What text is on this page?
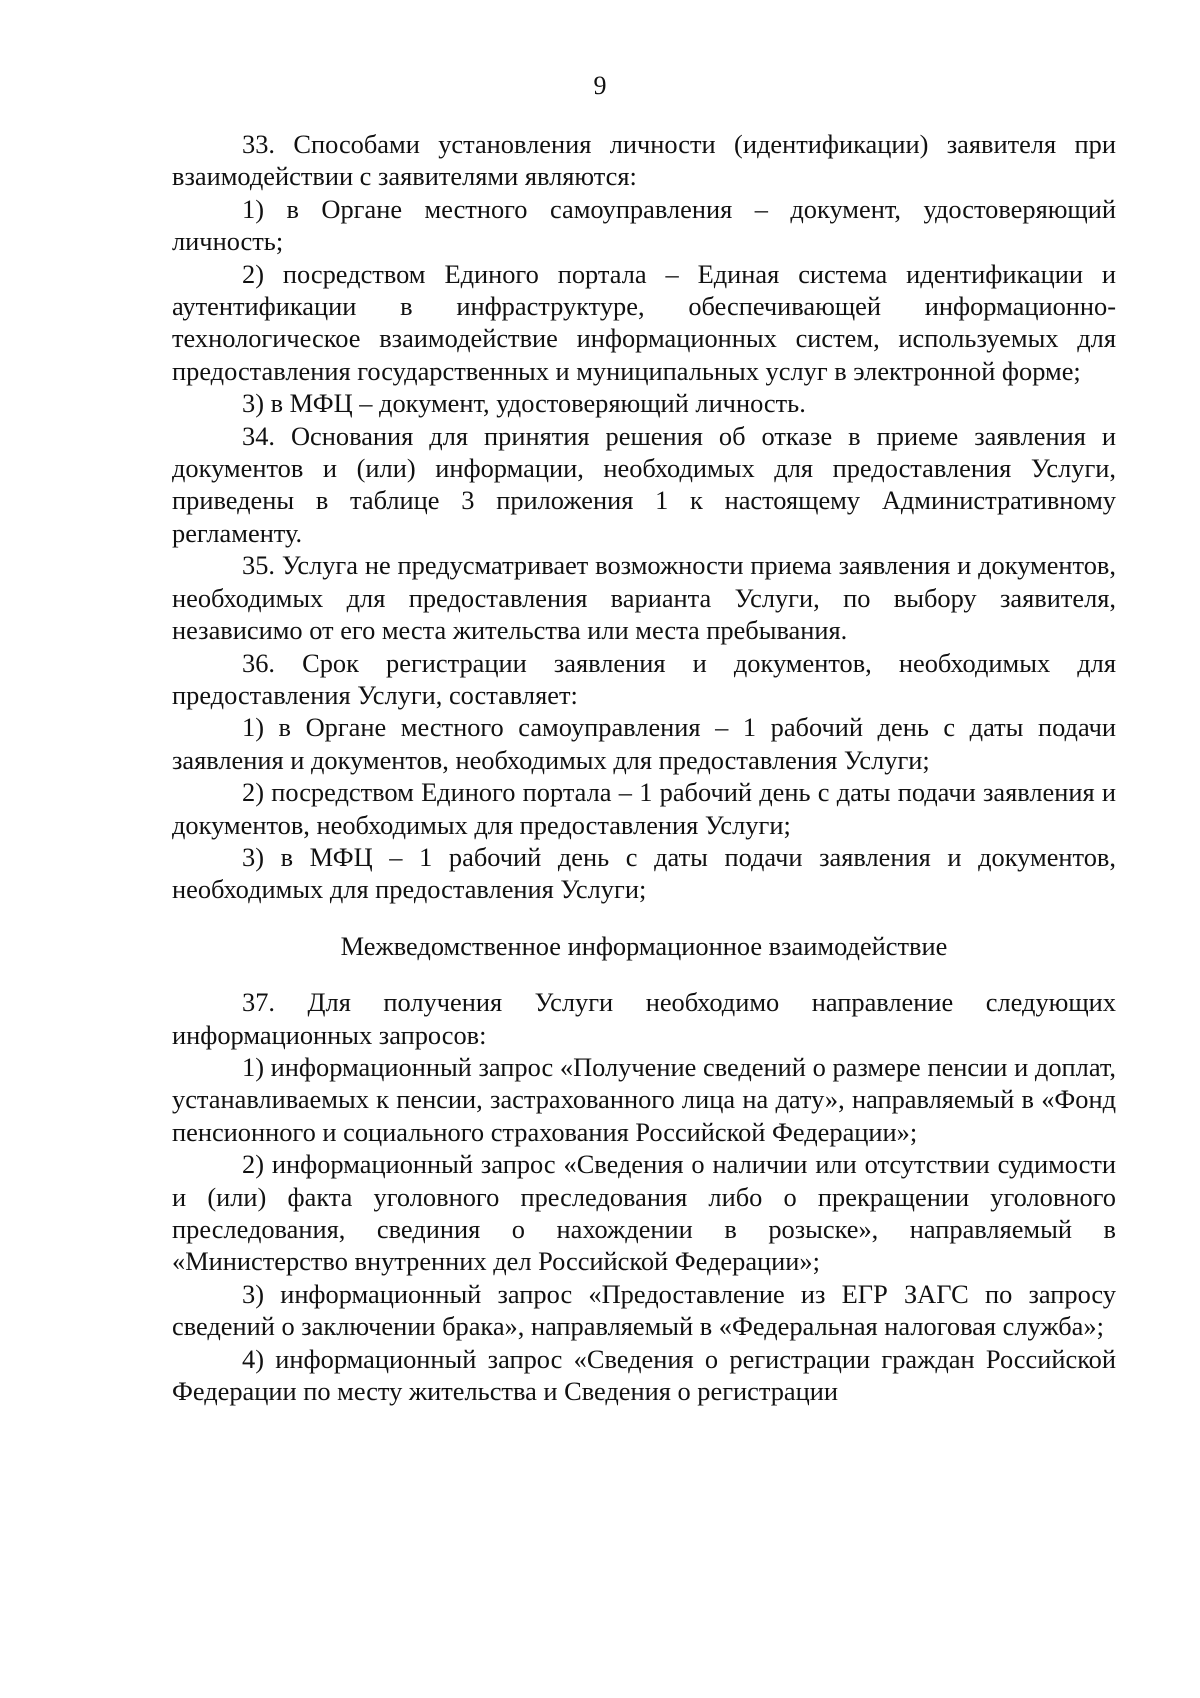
9

33. Способами установления личности (идентификации) заявителя при взаимодействии с заявителями являются:

1) в Органе местного самоуправления – документ, удостоверяющий личность;

2) посредством Единого портала – Единая система идентификации и аутентификации в инфраструктуре, обеспечивающей информационно-технологическое взаимодействие информационных систем, используемых для предоставления государственных и муниципальных услуг в электронной форме;

3) в МФЦ – документ, удостоверяющий личность.

34. Основания для принятия решения об отказе в приеме заявления и документов и (или) информации, необходимых для предоставления Услуги, приведены в таблице 3 приложения 1 к настоящему Административному регламенту.

35. Услуга не предусматривает возможности приема заявления и документов, необходимых для предоставления варианта Услуги, по выбору заявителя, независимо от его места жительства или места пребывания.

36. Срок регистрации заявления и документов, необходимых для предоставления Услуги, составляет:

1) в Органе местного самоуправления – 1 рабочий день с даты подачи заявления и документов, необходимых для предоставления Услуги;

2) посредством Единого портала – 1 рабочий день с даты подачи заявления и документов, необходимых для предоставления Услуги;

3) в МФЦ – 1 рабочий день с даты подачи заявления и документов, необходимых для предоставления Услуги;

Межведомственное информационное взаимодействие

37. Для получения Услуги необходимо направление следующих информационных запросов:

1) информационный запрос «Получение сведений о размере пенсии и доплат, устанавливаемых к пенсии, застрахованного лица на дату», направляемый в «Фонд пенсионного и социального страхования Российской Федерации»;

2) информационный запрос «Сведения о наличии или отсутствии судимости и (или) факта уголовного преследования либо о прекращении уголовного преследования, свединия о нахождении в розыске», направляемый в «Министерство внутренних дел Российской Федерации»;

3) информационный запрос «Предоставление из ЕГР ЗАГС по запросу сведений о заключении брака», направляемый в «Федеральная налоговая служба»;

4) информационный запрос «Сведения о регистрации граждан Российской Федерации по месту жительства и Сведения о регистрации
